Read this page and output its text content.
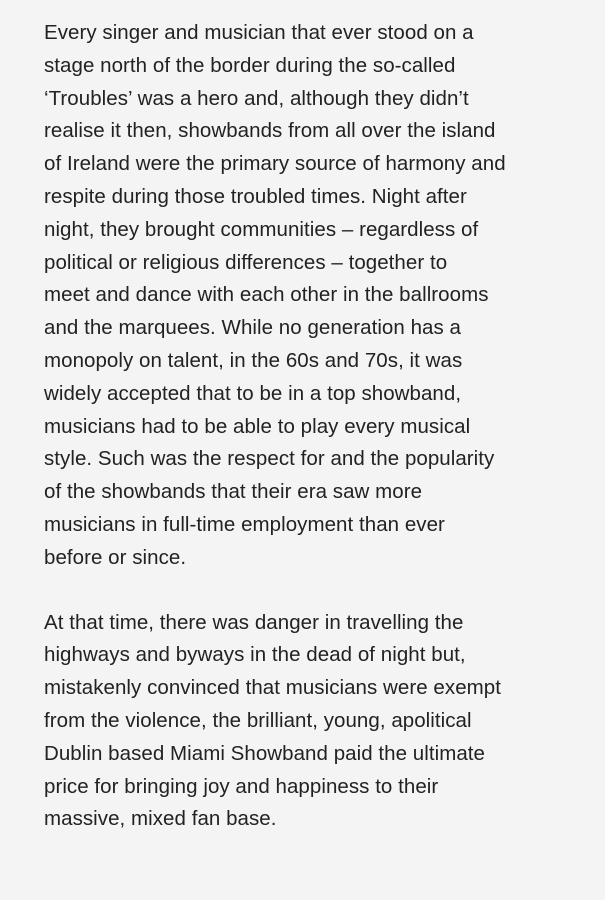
Every singer and musician that ever stood on a
stage north of the border during the so-called
‘Troubles’ was a hero and, although they didn’t
realise it then, showbands from all over the island
of Ireland were the primary source of harmony and
respite during those troubled times. Night after
night, they brought communities – regardless of
political or religious differences – together to
meet and dance with each other in the ballrooms
and the marquees. While no generation has a
monopoly on talent, in the 60s and 70s, it was
widely accepted that to be in a top showband,
musicians had to be able to play every musical
style. Such was the respect for and the popularity
of the showbands that their era saw more
musicians in full-time employment than ever
before or since.

At that time, there was danger in travelling the
highways and byways in the dead of night but,
mistakenly convinced that musicians were exempt
from the violence, the brilliant, young, apolitical
Dublin based Miami Showband paid the ultimate
price for bringing joy and happiness to their
massive, mixed fan base.
